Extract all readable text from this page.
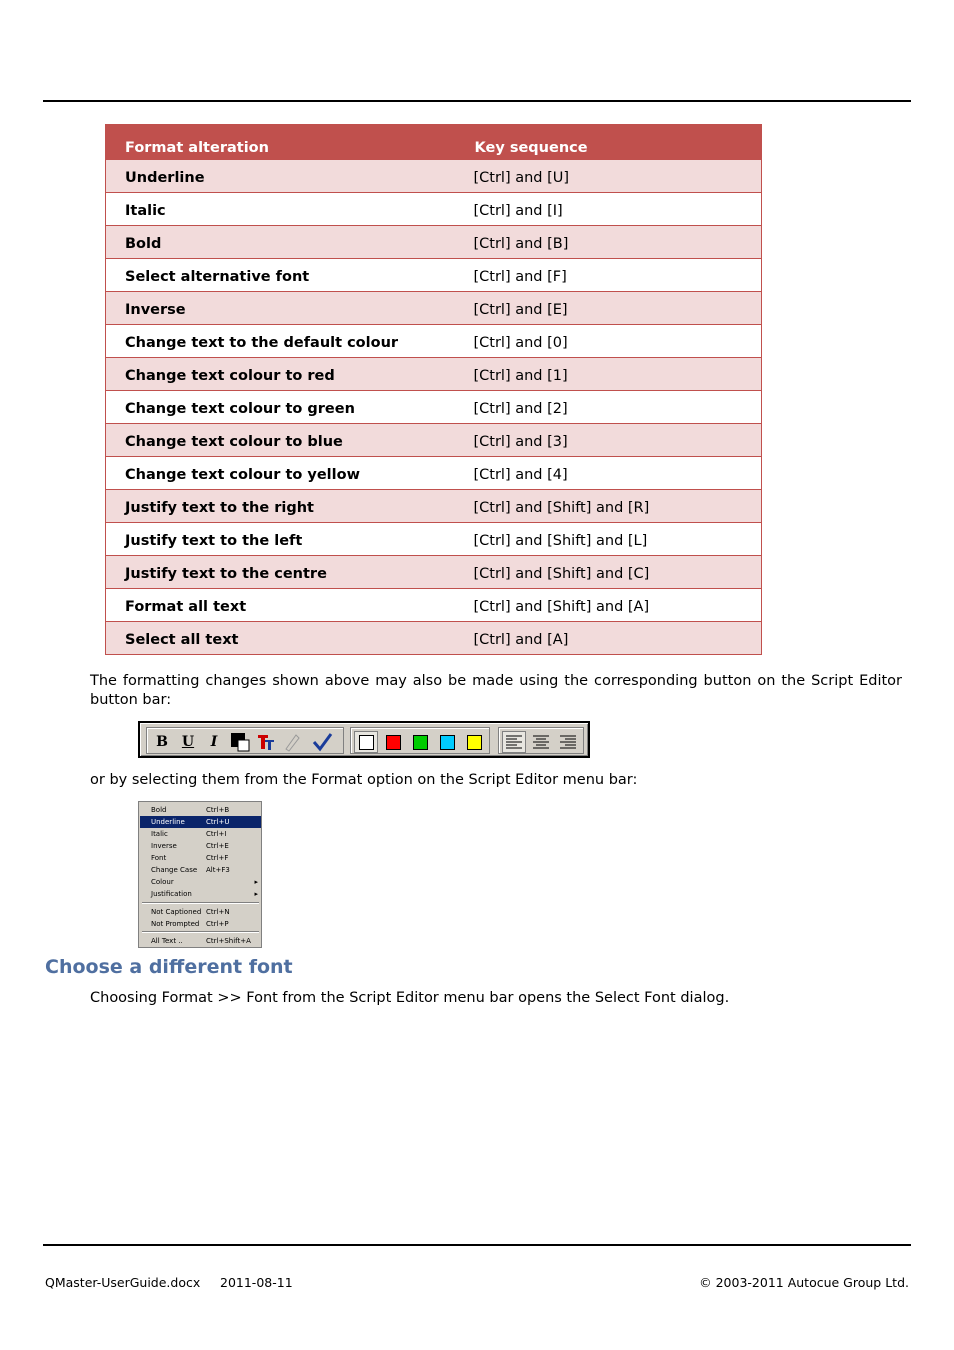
Format alteration	Key sequence
Underline	[Ctrl] and [U]
Italic	[Ctrl] and [I]
Bold	[Ctrl] and [B]
Select alternative font	[Ctrl] and [F]
Inverse	[Ctrl] and [E]
Change text to the default colour	[Ctrl] and [0]
Change text colour to red	[Ctrl] and [1]
Change text colour to green	[Ctrl] and [2]
Change text colour to blue	[Ctrl] and [3]
Change text colour to yellow	[Ctrl] and [4]
Justify text to the right	[Ctrl] and [Shift] and [R]
Justify text to the left	[Ctrl] and [Shift] and [L]
Justify text to the centre	[Ctrl] and [Shift] and [C]
Format all text	[Ctrl] and [Shift] and [A]
Select all text	[Ctrl] and [A]
The formatting changes shown above may also be made using the corresponding button on the Script Editor button bar:
B U	I
or by selecting them from the Format option on the Script Editor menu bar:
Bold	Ctrl+B
Underline	Ctrl+U
Italic	Ctrl+I
Inverse	Ctrl+E
Font	Ctrl+F
Change Case Alt+F3
Colour	▸
Justification	▸
Not Captioned Ctrl+N
Not Prompted Ctrl+P
All Text ..	Ctrl+Shift+A
Choose a different font
Choosing Format >> Font from the Script Editor menu bar opens the Select Font dialog.
QMaster-UserGuide.docx 2011-08-11	© 2003-2011 Autocue Group Ltd.
